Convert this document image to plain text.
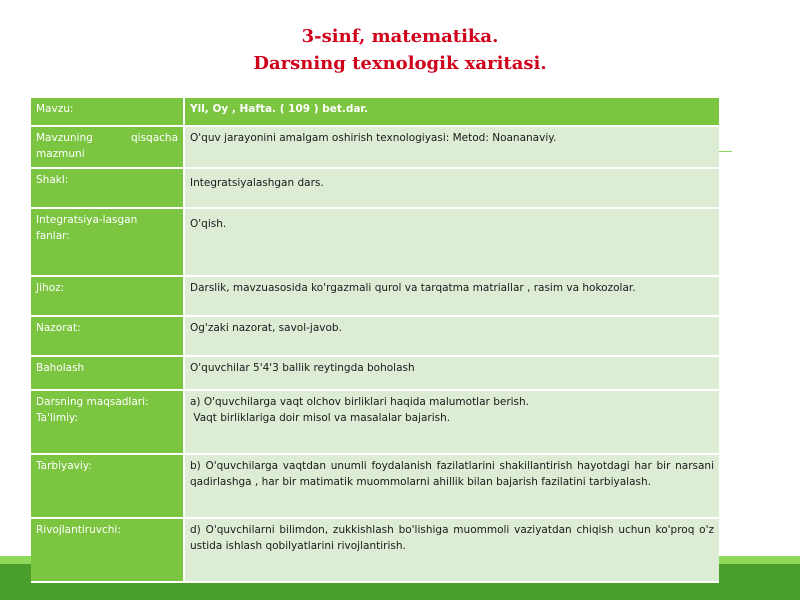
3-sinf, matematika.
Darsning texnologik xaritasi.
Mavzu:	Yil, Oy , Hafta. ( 109 ) bet.dar.

Mavzuning qisqacha
mazmuni	O'quv jarayonini amalgam oshirish texnologiyasi: Metod: Noananaviy.
Shakl:	Integratsiyalashgan dars.

Integratsiya-lasgan
fanlar:	O'qish.
Jihoz:	Darslik, mavzuasosida ko'rgazmali qurol va tarqatma matriallar , rasim va hokozolar.
Nazorat:	Og'zaki nazorat, savol-javob.
Baholash	O'quvchilar 5'4'3 ballik reytingda boholash

Darsning maqsadlari:
Ta'limiy:	a) O'quvchilarga vaqt olchov birliklari haqida malumotlar berish.
Vaqt birliklariga doir misol va masalalar bajarish.

Tarbiyaviy:	b) O'quvchilarga vaqtdan unumli foydalanish fazilatlarini shakillantirish hayotdagi har bir narsani qadirlashga , har bir matimatik muommolarni ahillik bilan bajarish fazilatini tarbiyalash.
Rivojlantiruvchi:	d) O'quvchilarni bilimdon, zukkishlash bo'lishiga muommoli vaziyatdan chiqish uchun ko'proq o'z ustida ishlash qobilyatlarini rivojlantirish.
